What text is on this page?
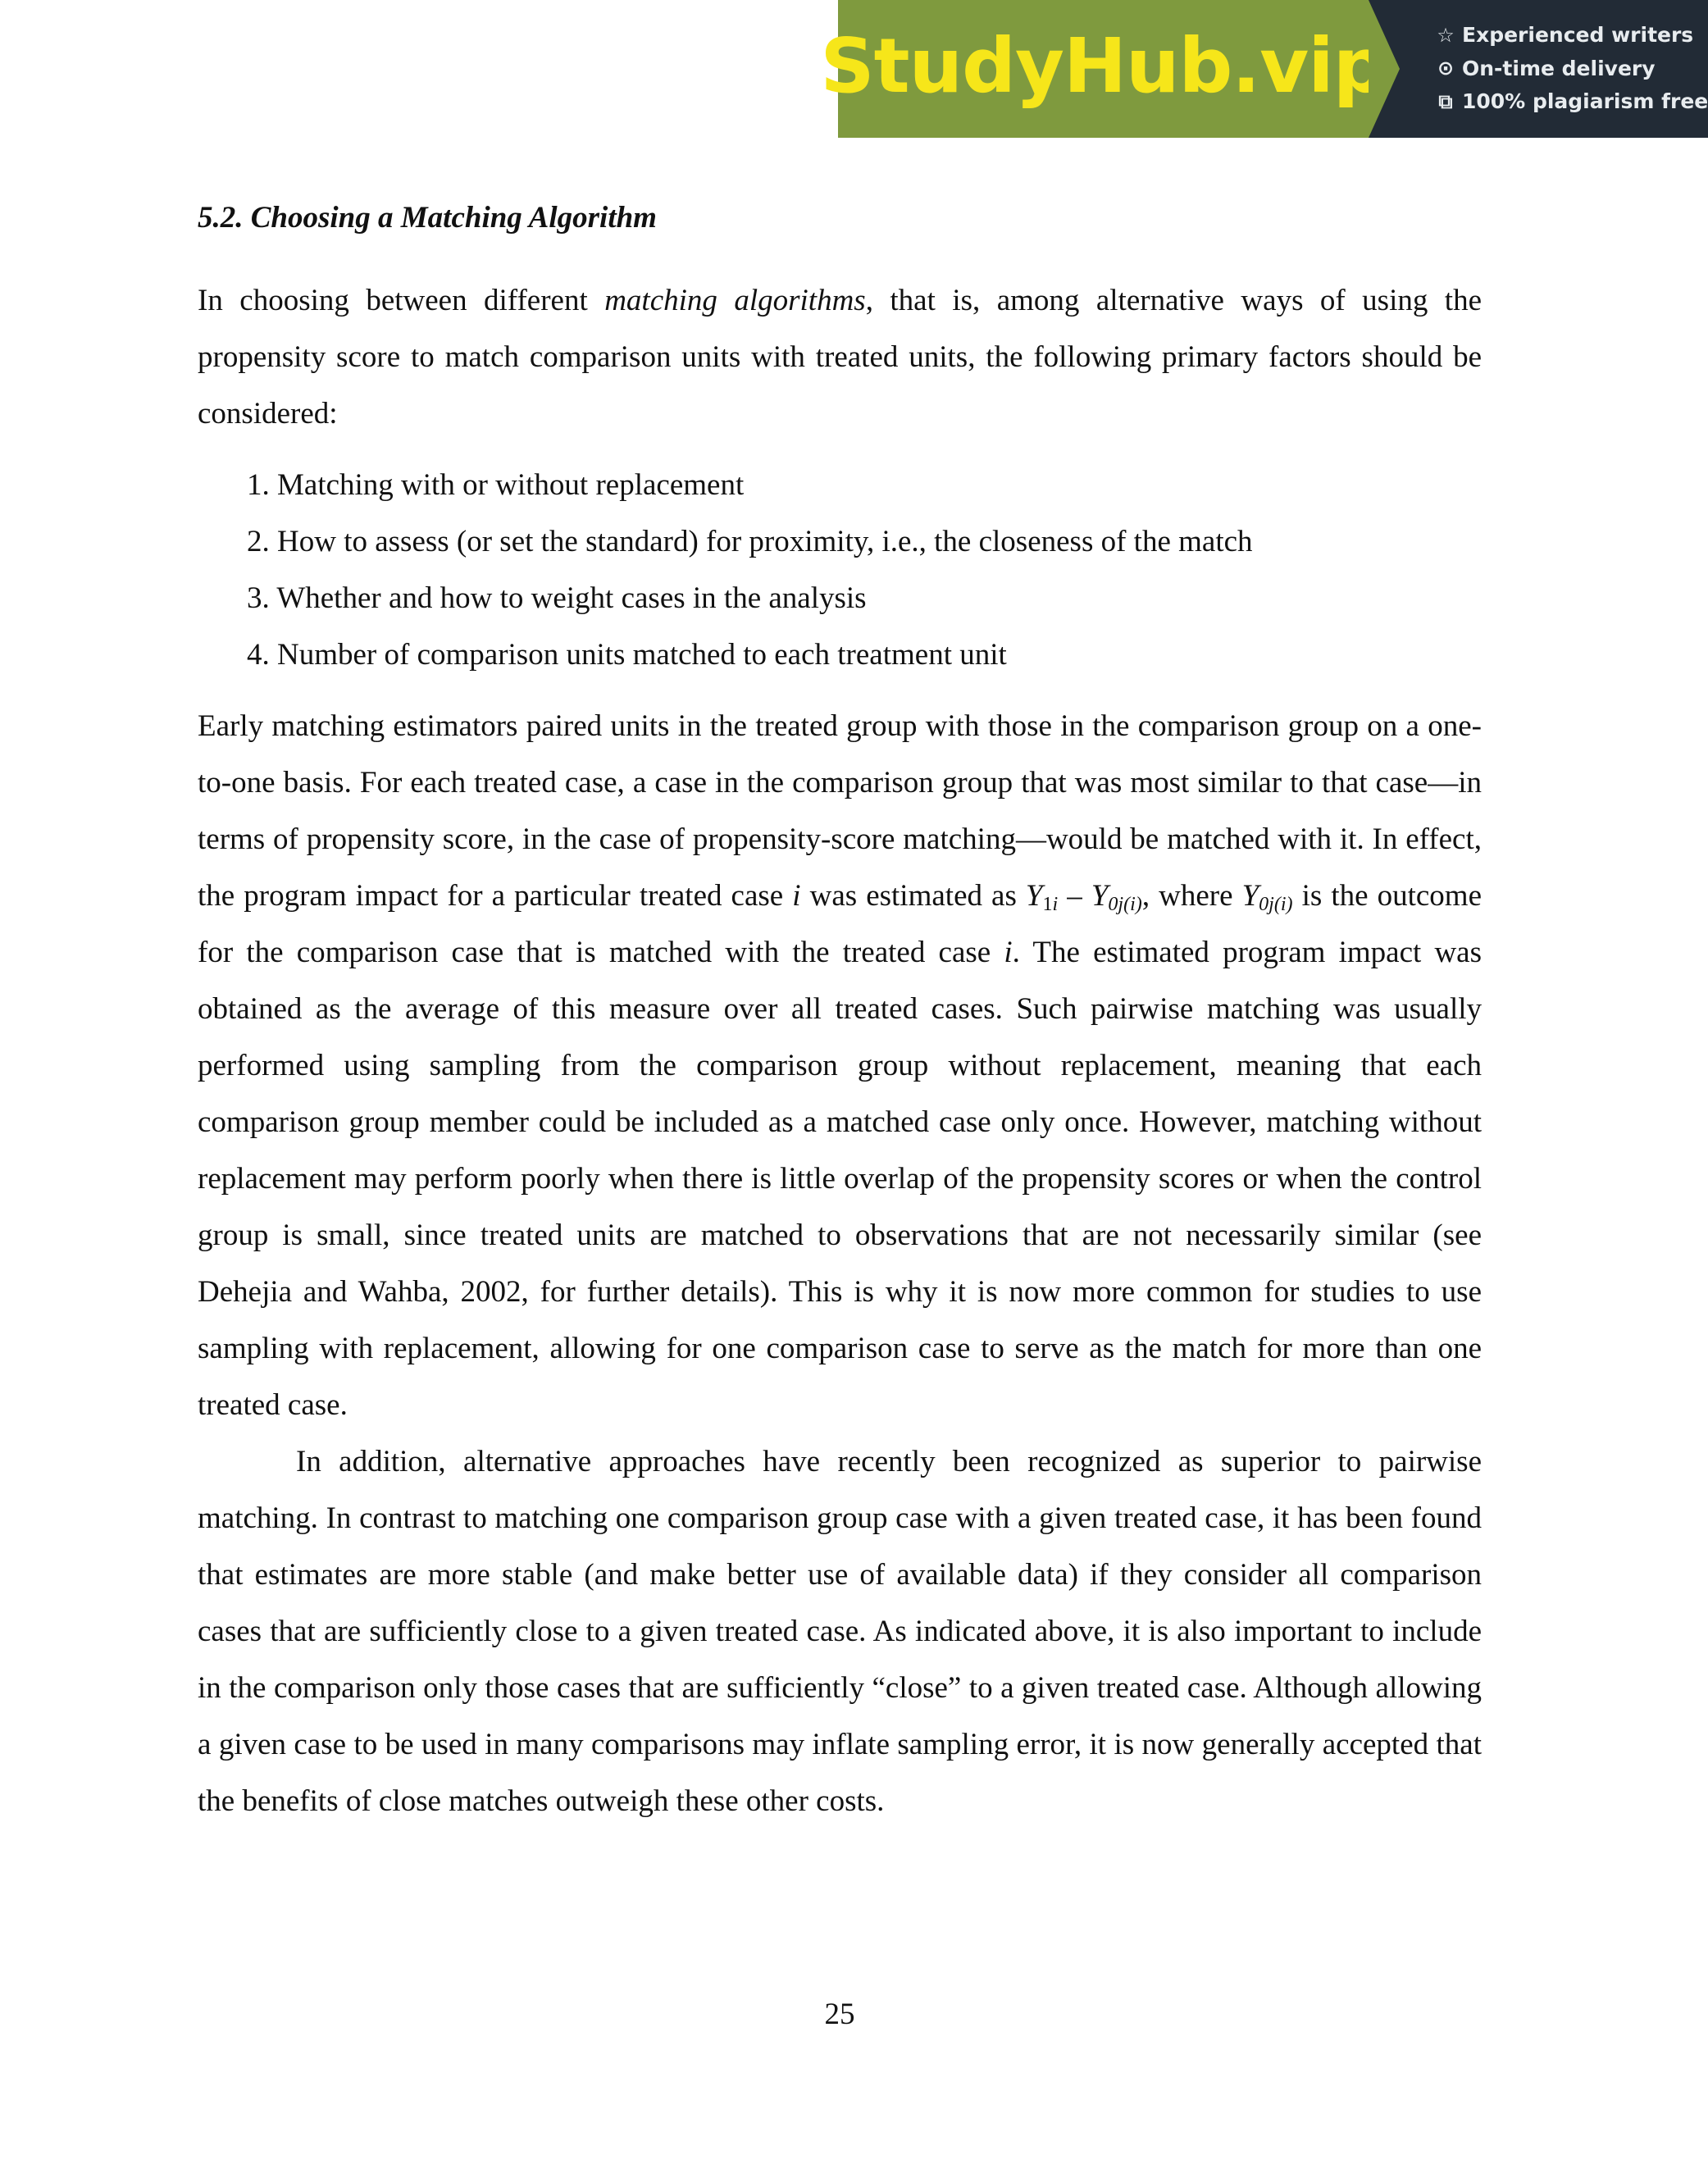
StudyHub.vip	☆ Experienced writers
⊙ On-time delivery
⧉ 100% plagiarism free
5.2. Choosing a Matching Algorithm

In choosing between different matching algorithms, that is, among alternative ways of using the propensity score to match comparison units with treated units, the following primary factors should be considered:

1. Matching with or without replacement
2. How to assess (or set the standard) for proximity, i.e., the closeness of the match
3. Whether and how to weight cases in the analysis
4. Number of comparison units matched to each treatment unit

Early matching estimators paired units in the treated group with those in the comparison group on a one-to-one basis. For each treated case, a case in the comparison group that was most similar to that case—in terms of propensity score, in the case of propensity-score matching—would be matched with it. In effect, the program impact for a particular treated case i was estimated as $Y_{1i} - Y_{0j(i)}$, where $Y_{0j(i)}$ is the outcome for the comparison case that is matched with the treated case i. The estimated program impact was obtained as the average of this measure over all treated cases. Such pairwise matching was usually performed using sampling from the comparison group without replacement, meaning that each comparison group member could be included as a matched case only once. However, matching without replacement may perform poorly when there is little overlap of the propensity scores or when the control group is small, since treated units are matched to observations that are not necessarily similar (see Dehejia and Wahba, 2002, for further details). This is why it is now more common for studies to use sampling with replacement, allowing for one comparison case to serve as the match for more than one treated case.

In addition, alternative approaches have recently been recognized as superior to pairwise matching. In contrast to matching one comparison group case with a given treated case, it has been found that estimates are more stable (and make better use of available data) if they consider all comparison cases that are sufficiently close to a given treated case. As indicated above, it is also important to include in the comparison only those cases that are sufficiently “close” to a given treated case. Although allowing a given case to be used in many comparisons may inflate sampling error, it is now generally accepted that the benefits of close matches outweigh these other costs.

25
